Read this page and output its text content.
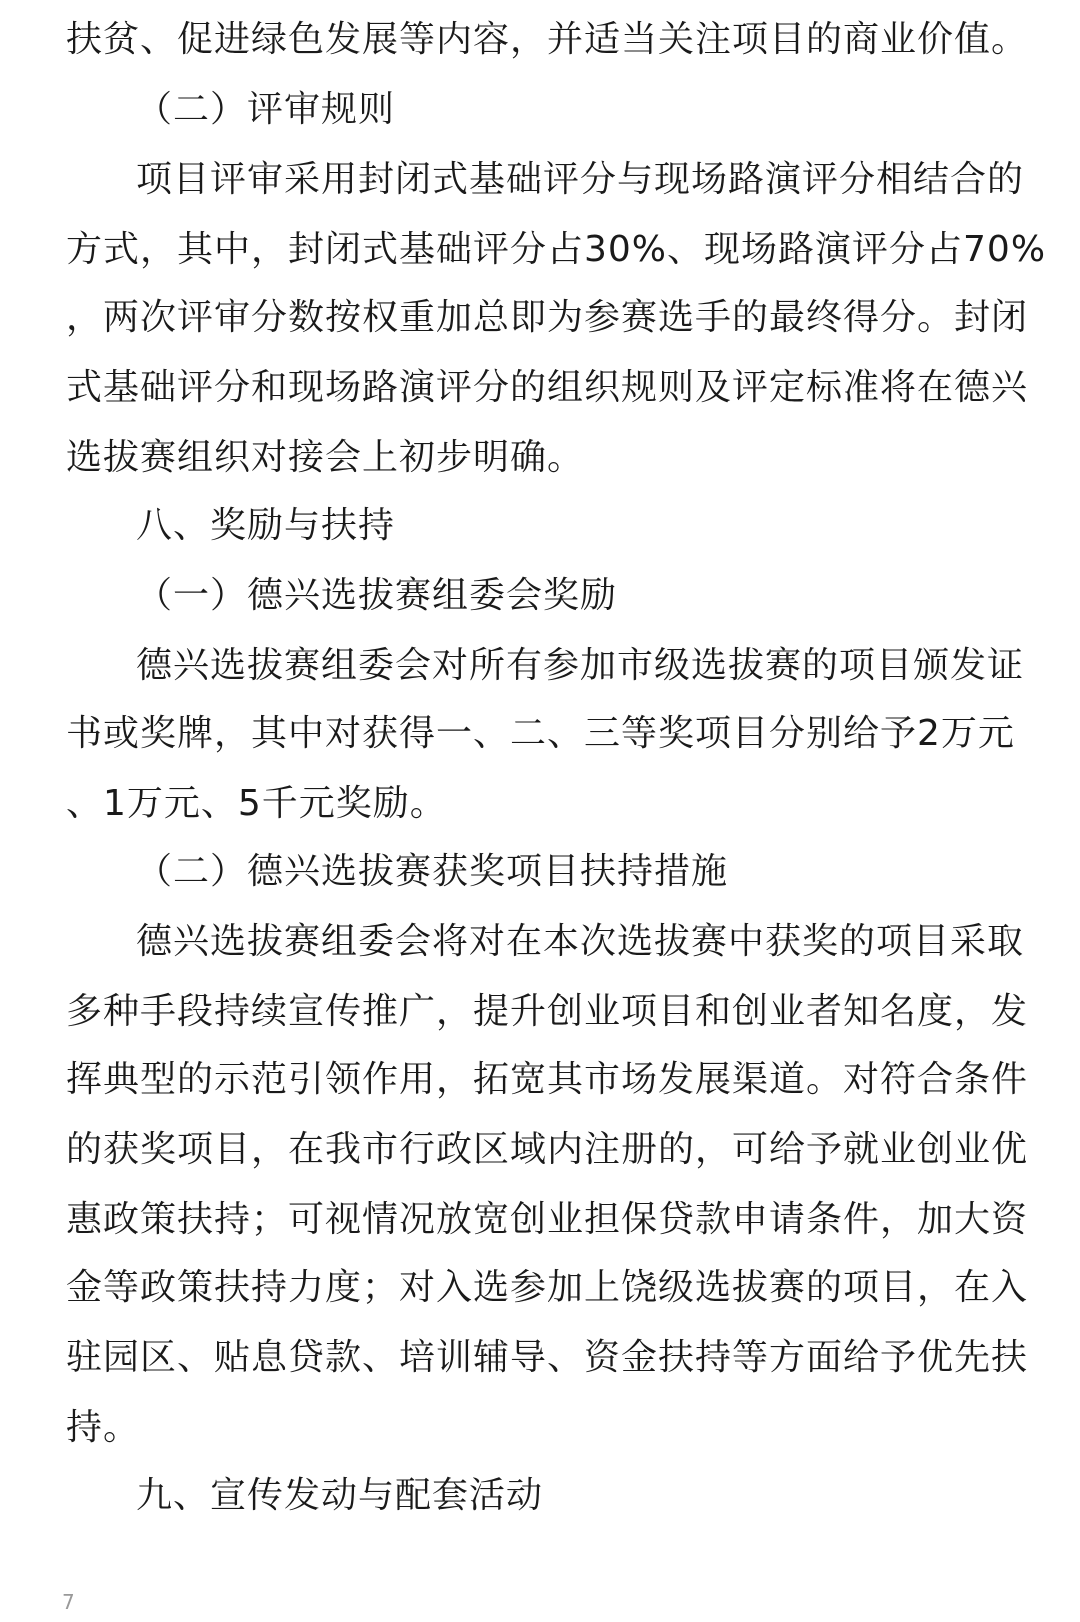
扶贫、促进绿色发展等内容，并适当关注项目的商业价值。
（二）评审规则
项目评审采用封闭式基础评分与现场路演评分相结合的
方式，其中，封闭式基础评分占30%、现场路演评分占70%
，两次评审分数按权重加总即为参赛选手的最终得分。封闭
式基础评分和现场路演评分的组织规则及评定标准将在德兴
选拔赛组织对接会上初步明确。
八、奖励与扶持
（一）德兴选拔赛组委会奖励
德兴选拔赛组委会对所有参加市级选拔赛的项目颁发证
书或奖牌，其中对获得一、二、三等奖项目分别给予2万元
、1万元、5千元奖励。
（二）德兴选拔赛获奖项目扶持措施
德兴选拔赛组委会将对在本次选拔赛中获奖的项目采取
多种手段持续宣传推广，提升创业项目和创业者知名度，发
挥典型的示范引领作用，拓宽其市场发展渠道。对符合条件
的获奖项目，在我市行政区域内注册的，可给予就业创业优
惠政策扶持；可视情况放宽创业担保贷款申请条件，加大资
金等政策扶持力度；对入选参加上饶级选拔赛的项目，在入
驻园区、贴息贷款、培训辅导、资金扶持等方面给予优先扶
持。
九、宣传发动与配套活动
7
